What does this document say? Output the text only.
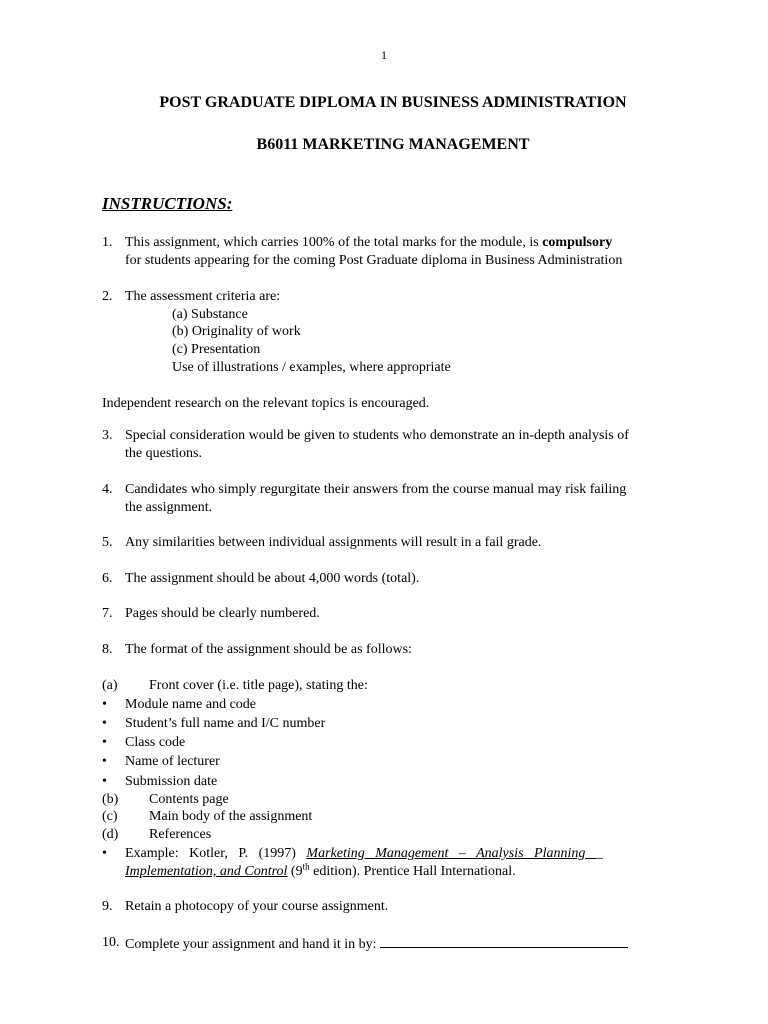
1
POST GRADUATE DIPLOMA IN BUSINESS ADMINISTRATION
B6011 MARKETING MANAGEMENT
INSTRUCTIONS:
1. This assignment, which carries 100% of the total marks for the module, is compulsory
for students appearing for the coming Post Graduate diploma in Business Administration
2. The assessment criteria are:
(a) Substance
(b) Originality of work
(c) Presentation
Use of illustrations / examples, where appropriate
Independent research on the relevant topics is encouraged.
3. Special consideration would be given to students who demonstrate an in-depth analysis of
the questions.
4. Candidates who simply regurgitate their answers from the course manual may risk failing
the assignment.
5. Any similarities between individual assignments will result in a fail grade.
6. The assignment should be about 4,000 words (total).
7. Pages should be clearly numbered.
8. The format of the assignment should be as follows:
(a) Front cover (i.e. title page), stating the:
• Module name and code
• Student’s full name and I/C number
• Class code
• Name of lecturer
• Submission date
(b) Contents page
(c) Main body of the assignment
(d) References
• Example:   Kotler,   P.   (1997)   Marketing   Management   –   Analysis   Planning   _
Implementation, and Control (9th edition). Prentice Hall International.
9. Retain a photocopy of your course assignment.
10. Complete your assignment and hand it in by:
